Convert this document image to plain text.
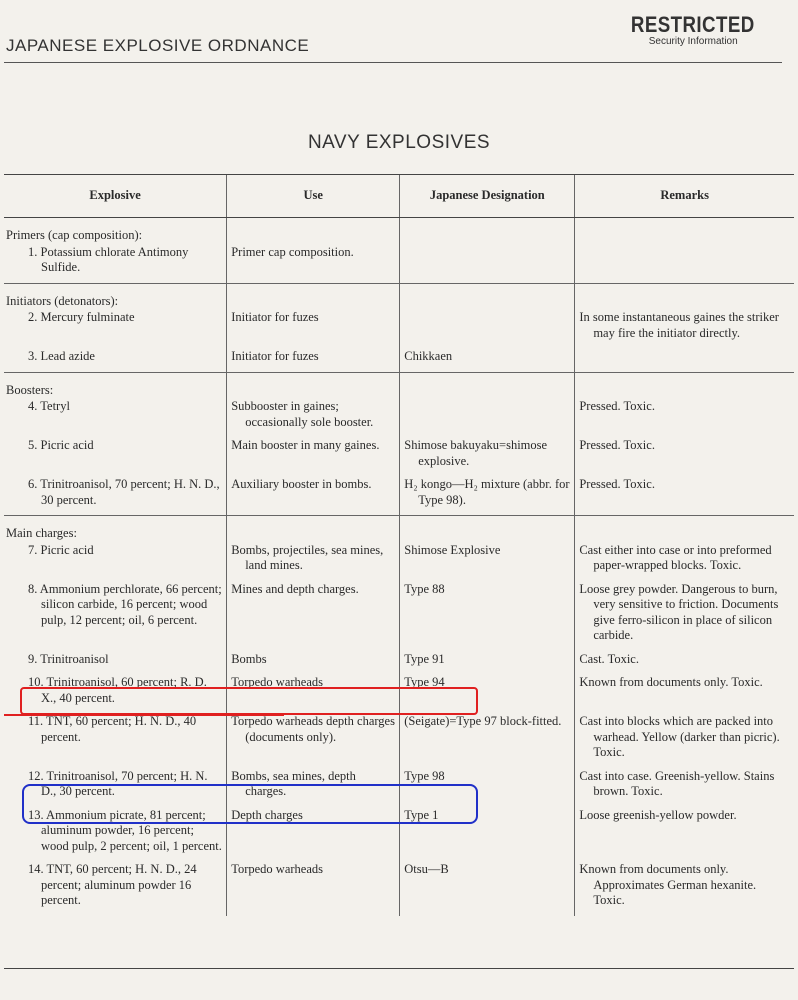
JAPANESE EXPLOSIVE ORDNANCE
RESTRICTED
Security Information
NAVY EXPLOSIVES
Explosive	Use	Japanese Designation	Remarks
Primers (cap composition):			

1. Potassium chlorate Antimony Sulfide.	Primer cap composition.		

Initiators (detonators):			

2. Mercury fulminate	Initiator for fuzes		In some instantaneous gaines the striker may fire the initiator directly.

3. Lead azide	Initiator for fuzes	Chikkaen	

Boosters:			

4. Tetryl	Subbooster in gaines; occasionally sole booster.		Pressed. Toxic.

5. Picric acid	Main booster in many gaines.	Shimose bakuyaku=shimose explosive.	Pressed. Toxic.

6. Trinitroanisol, 70 percent; H. N. D., 30 percent.	Auxiliary booster in bombs.	H₂ kongo—H₂ mixture (abbr. for Type 98).	Pressed. Toxic.

Main charges:			

7. Picric acid	Bombs, projectiles, sea mines, land mines.	Shimose Explosive	Cast either into case or into preformed paper-wrapped blocks. Toxic.

8. Ammonium perchlorate, 66 percent; silicon carbide, 16 percent; wood pulp, 12 percent; oil, 6 percent.	Mines and depth charges.	Type 88	Loose grey powder. Dangerous to burn, very sensitive to friction. Documents give ferro-silicon in place of silicon carbide.

9. Trinitroanisol	Bombs	Type 91	Cast. Toxic.

10. Trinitroanisol, 60 percent; R. D. X., 40 percent.	Torpedo warheads	Type 94	Known from documents only. Toxic.

11. TNT, 60 percent; H. N. D., 40 percent.	Torpedo warheads depth charges (documents only).	(Seigate)=Type 97 block-fitted.	Cast into blocks which are packed into warhead. Yellow (darker than picric). Toxic.

12. Trinitroanisol, 70 percent; H. N. D., 30 percent.	Bombs, sea mines, depth charges.	Type 98	Cast into case. Greenish-yellow. Stains brown. Toxic.

13. Ammonium picrate, 81 percent; aluminum powder, 16 percent; wood pulp, 2 percent; oil, 1 percent.	Depth charges	Type 1	Loose greenish-yellow powder.

14. TNT, 60 percent; H. N. D., 24 percent; aluminum powder 16 percent.	Torpedo warheads	Otsu—B	Known from documents only. Approximates German hexanite. Toxic.
